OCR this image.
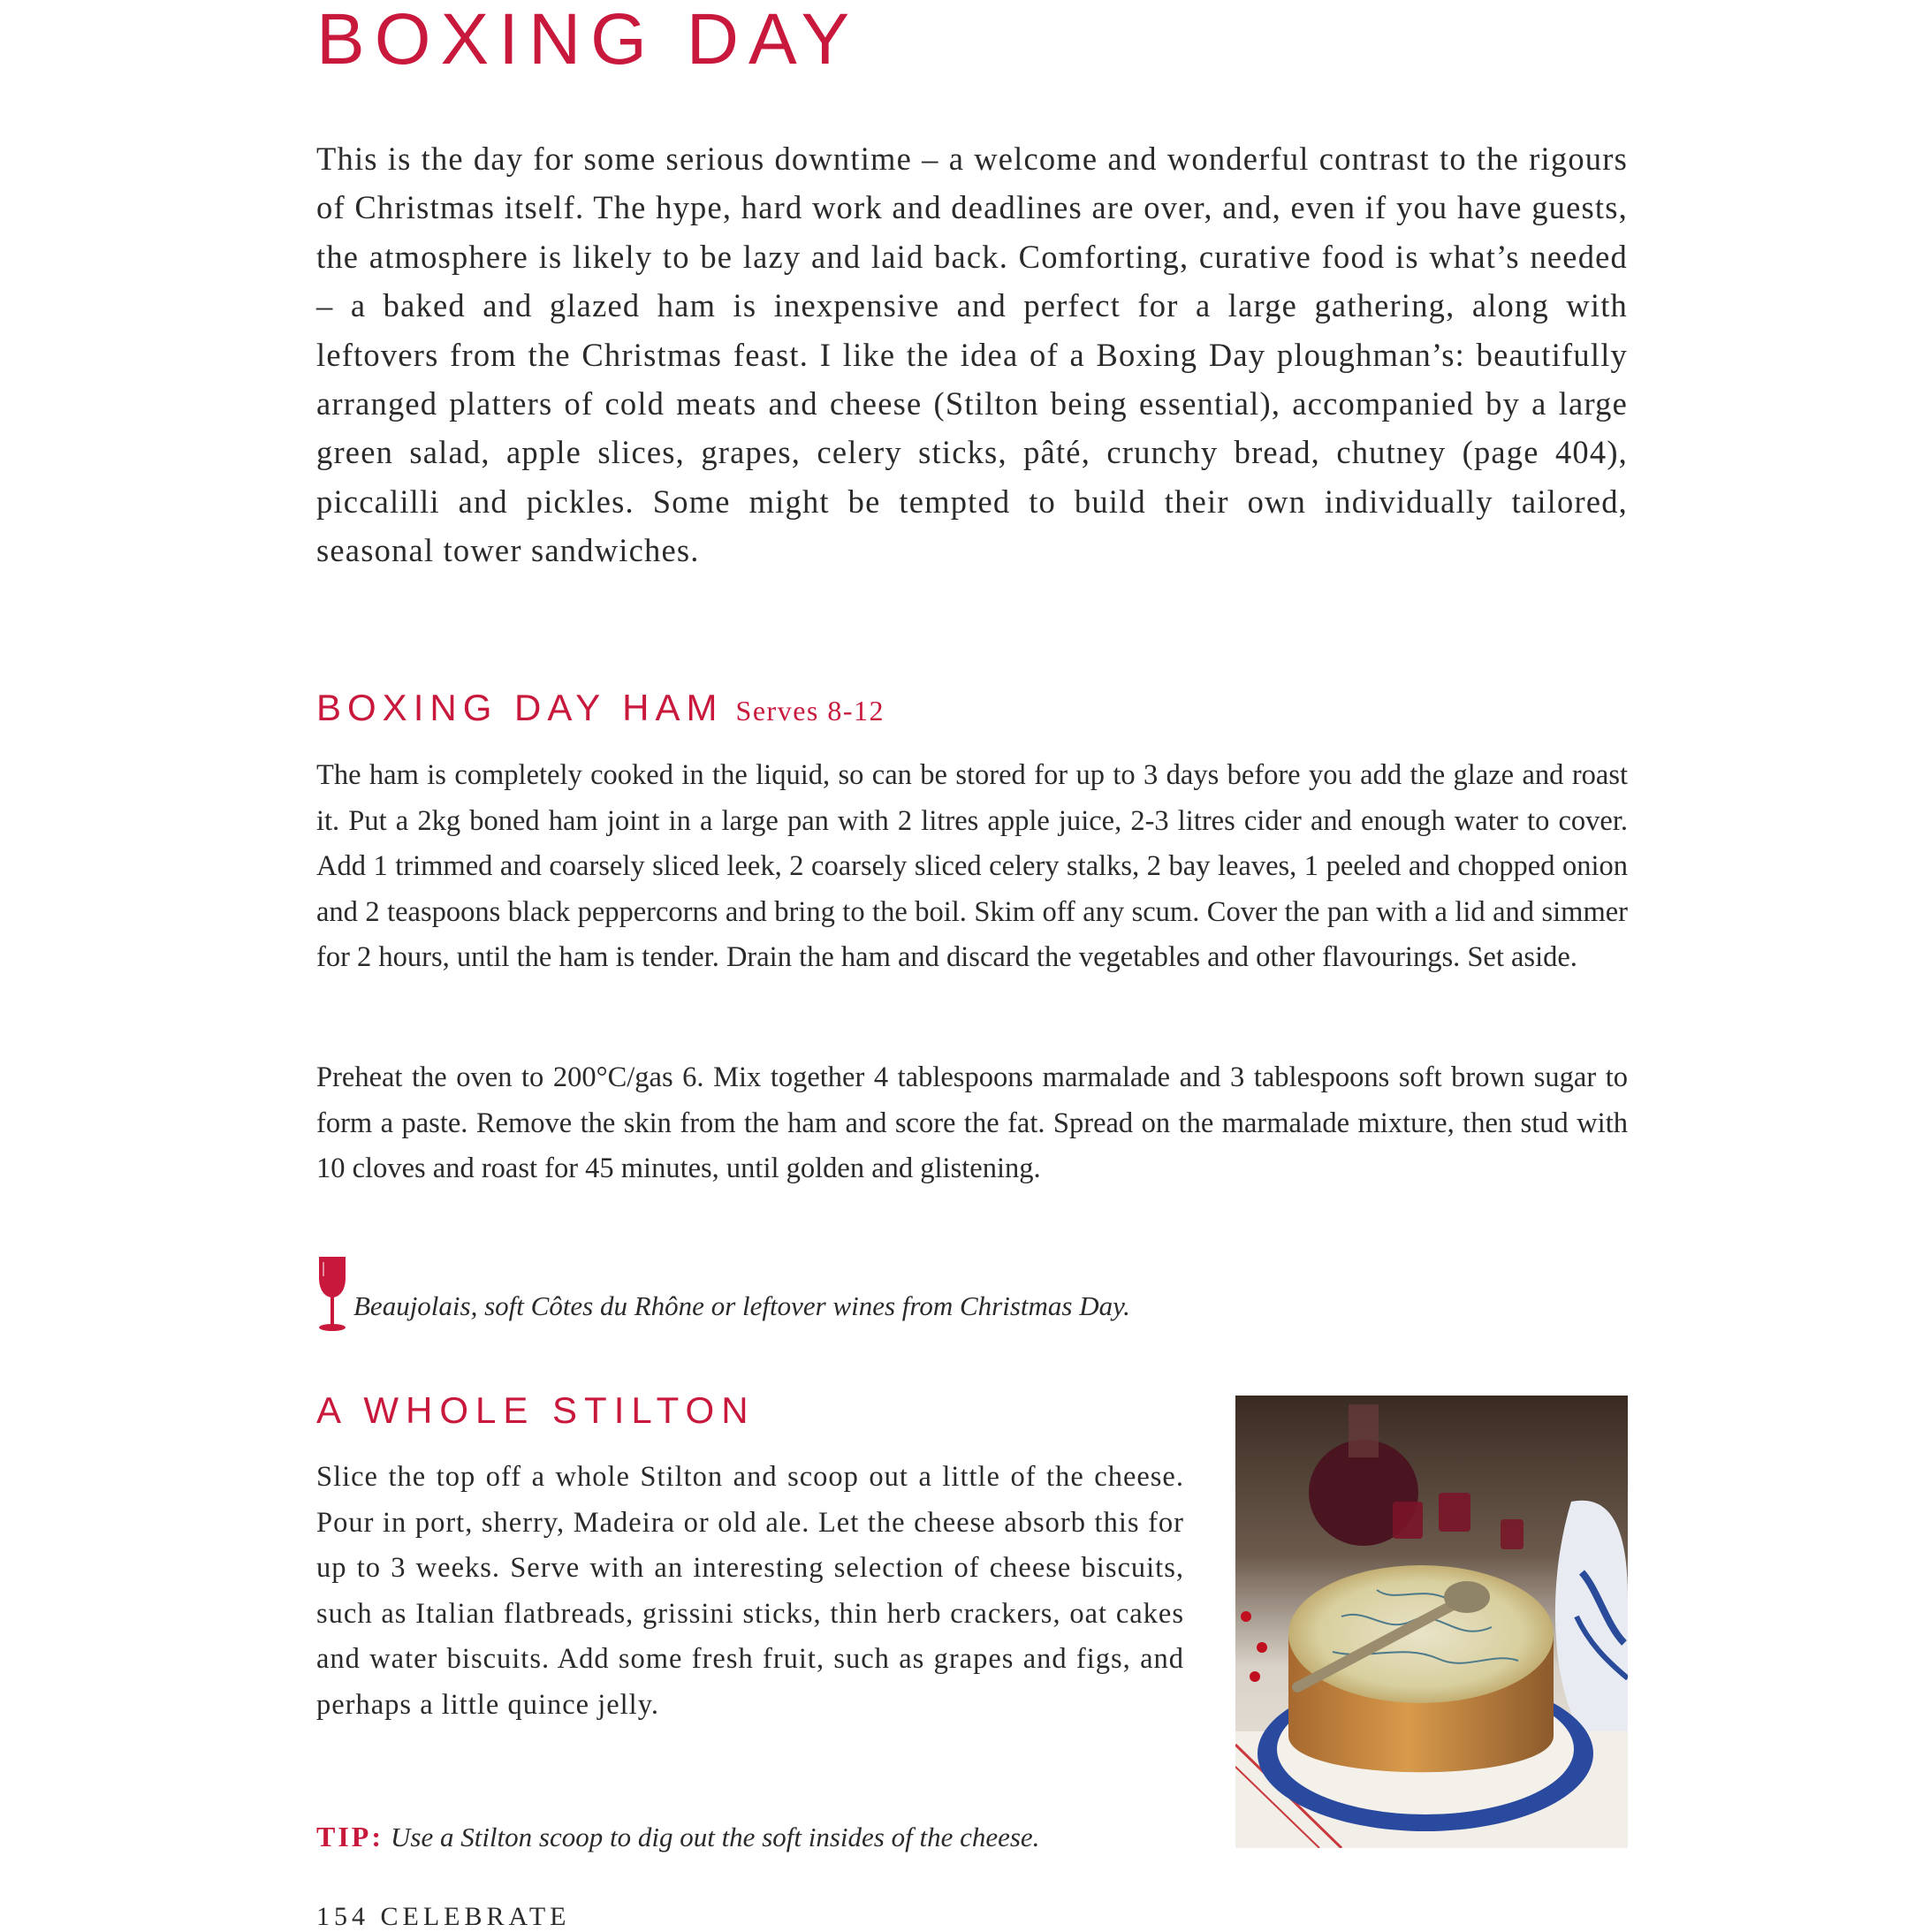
BOXING DAY

This is the day for some serious downtime – a welcome and wonderful contrast to the rigours of Christmas itself. The hype, hard work and deadlines are over, and, even if you have guests, the atmosphere is likely to be lazy and laid back. Comforting, curative food is what’s needed – a baked and glazed ham is inexpensive and perfect for a large gathering, along with leftovers from the Christmas feast. I like the idea of a Boxing Day ploughman’s: beautifully arranged platters of cold meats and cheese (Stilton being essential), accompanied by a large green salad, apple slices, grapes, celery sticks, pâté, crunchy bread, chutney (page 404), piccalilli and pickles. Some might be tempted to build their own individually tailored, seasonal tower sandwiches.

BOXING DAY HAM Serves 8-12

The ham is completely cooked in the liquid, so can be stored for up to 3 days before you add the glaze and roast it. Put a 2kg boned ham joint in a large pan with 2 litres apple juice, 2-3 litres cider and enough water to cover. Add 1 trimmed and coarsely sliced leek, 2 coarsely sliced celery stalks, 2 bay leaves, 1 peeled and chopped onion and 2 teaspoons black peppercorns and bring to the boil. Skim off any scum. Cover the pan with a lid and simmer for 2 hours, until the ham is tender. Drain the ham and discard the vegetables and other flavourings. Set aside.

Preheat the oven to 200°C/gas 6. Mix together 4 tablespoons marmalade and 3 tablespoons soft brown sugar to form a paste. Remove the skin from the ham and score the fat. Spread on the marmalade mixture, then stud with 10 cloves and roast for 45 minutes, until golden and glistening.

Beaujolais, soft Côtes du Rhône or leftover wines from Christmas Day.
A WHOLE STILTON

Slice the top off a whole Stilton and scoop out a little of the cheese. Pour in port, sherry, Madeira or old ale. Let the cheese absorb this for up to 3 weeks. Serve with an interesting selection of cheese biscuits, such as Italian flatbreads, grissini sticks, thin herb crackers, oat cakes and water biscuits. Add some fresh fruit, such as grapes and figs, and perhaps a little quince jelly.

TIP: Use a Stilton scoop to dig out the soft insides of the cheese.
154 CELEBRATE
